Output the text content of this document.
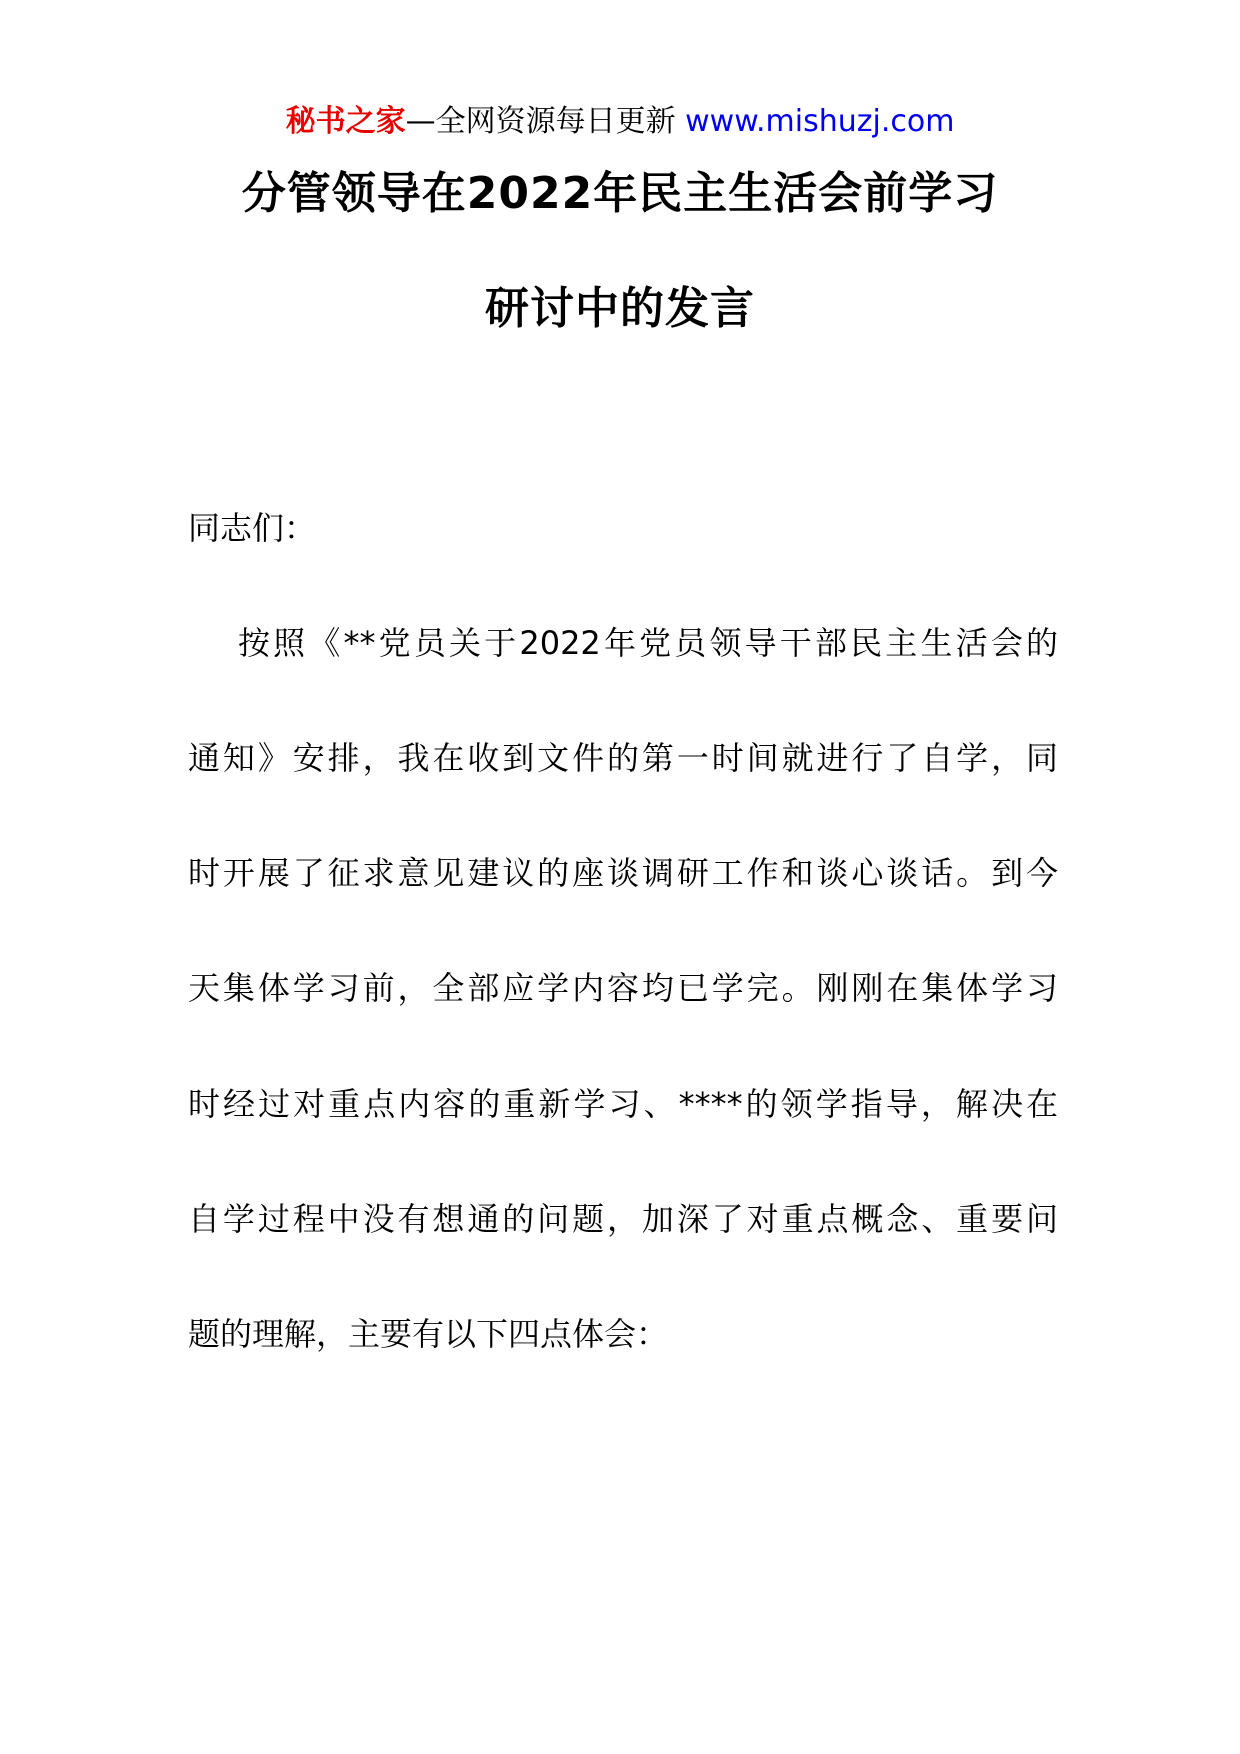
秘书之家—全网资源每日更新 www.mishuzj.com
分管领导在2022年民主生活会前学习
研讨中的发言
同志们：
按照《**党员关于2022年党员领导干部民主生活会的
通知》安排，我在收到文件的第一时间就进行了自学，同
时开展了征求意见建议的座谈调研工作和谈心谈话。到今
天集体学习前，全部应学内容均已学完。刚刚在集体学习
时经过对重点内容的重新学习、****的领学指导，解决在
自学过程中没有想通的问题，加深了对重点概念、重要问
题的理解，主要有以下四点体会：
